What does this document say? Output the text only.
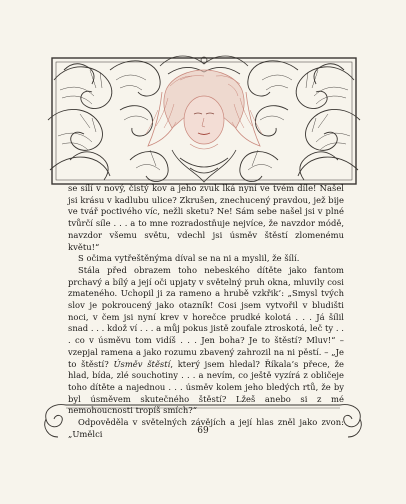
se sílí v nový, čistý kov a jeho zvuk lká nyní ve tvém díle! Našel jsi krásu v kadlubu ulice? Zkrušen, znechucený pravdou, jež bije ve tvář poctivého víc, nežli sketu? Ne! Sám sebe našel jsi v plné tvůrčí síle . . . a to mne rozradostňuje nejvíce, že navzdor módě, navzdor všemu světu, vdechl jsi úsměv štěstí zlomenému květu!“

S očima vytřeštěnýma díval se na ni a myslil, že šílí.

Stála před obrazem toho nebeského dítěte jako fantom prchavý a bílý a její oči upjaty v světelný pruh okna, mluvily cosi zmateného. Uchopil ji za rameno a hrubě vzkřik’: „Smysl tvých slov je pokroucený jako otazník! Cosi jsem vytvořil v bludišti noci, v čem jsi nyní krev v horečce prudké kolotá . . . Já šílil snad . . . kdož ví . . . a můj pokus jistě zoufale ztroskotá, leč ty . . . co v úsměvu tom vidíš . . . Jen boha? Je to štěstí? Mluv!“ – vzepjal ramena a jako rozumu zbavený zahrozil na ni pěstí. – „Je to štěstí? Úsměv štěstí, který jsem hledal? Říkala’s přece, že hlad, bída, zlé souchotiny . . . a nevím, co ještě vyzírá z obličeje toho dítěte a najednou . . . úsměv kolem jeho bledých rtů, že by byl úsměvem skutečného štěstí? Lžeš anebo si z mé nemohoucnosti tropíš smích?“

Odpověděla v světelných závějích a její hlas zněl jako zvon: „Umělci	69
